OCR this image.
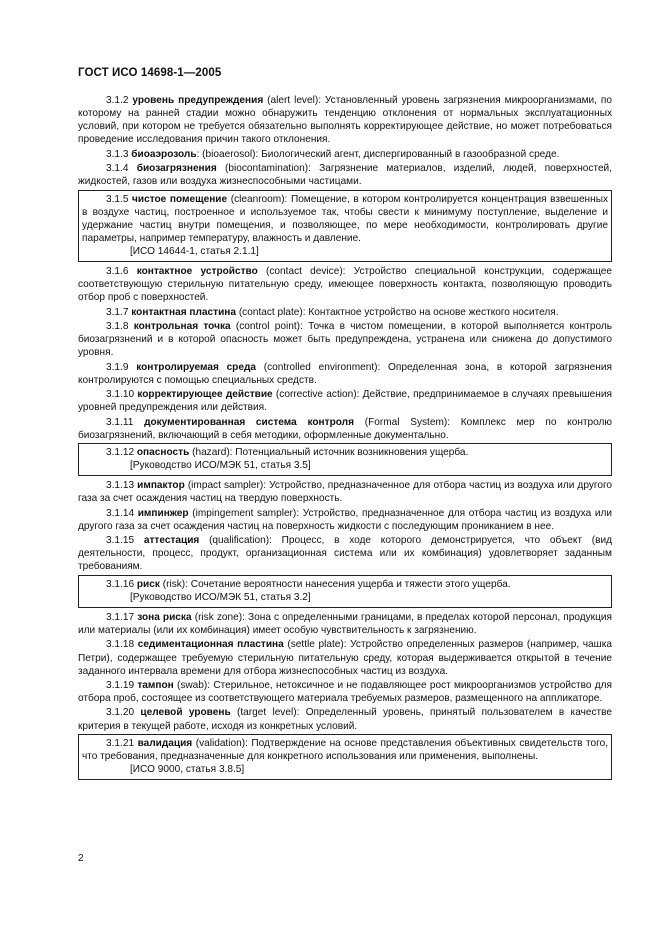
ГОСТ ИСО 14698-1—2005

3.1.2 уровень предупреждения (alert level): Установленный уровень загрязнения микроорганизмами, по которому на ранней стадии можно обнаружить тенденцию отклонения от нормальных эксплуатационных условий, при котором не требуется обязательно выполнять корректирующее действие, но может потребоваться проведение исследования причин такого отклонения.

3.1.3 биоаэрозоль: (bioaerosol): Биологический агент, диспергированный в газообразной среде.

3.1.4 биозагрязнения (biocontamination): Загрязнение материалов, изделий, людей, поверхностей, жидкостей, газов или воздуха жизнеспособными частицами.

3.1.5 чистое помещение (cleanroom): Помещение, в котором контролируется концентрация взвешенных в воздухе частиц, построенное и используемое так, чтобы свести к минимуму поступление, выделение и удержание частиц внутри помещения, и позволяющее, по мере необходимости, контролировать другие параметры, например температуру, влажность и давление.

[ИСО 14644-1, статья 2.1.1]

3.1.6 контактное устройство (contact device): Устройство специальной конструкции, содержащее соответствующую стерильную питательную среду, имеющее поверхность контакта, позволяющую проводить отбор проб с поверхностей.

3.1.7 контактная пластина (contact plate): Контактное устройство на основе жесткого носителя.

3.1.8 контрольная точка (control point): Точка в чистом помещении, в которой выполняется контроль биозагрязнений и в которой опасность может быть предупреждена, устранена или снижена до допустимого уровня.

3.1.9 контролируемая среда (controlled environment): Определенная зона, в которой загрязнения контролируются с помощью специальных средств.

3.1.10 корректирующее действие (corrective action): Действие, предпринимаемое в случаях превышения уровней предупреждения или действия.

3.1.11 документированная система контроля (Formal System): Комплекс мер по контролю биозагрязнений, включающий в себя методики, оформленные документально.

3.1.12 опасность (hazard): Потенциальный источник возникновения ущерба.

[Руководство ИСО/МЭК 51, статья 3.5]

3.1.13 импактор (impact sampler): Устройство, предназначенное для отбора частиц из воздуха или другого газа за счет осаждения частиц на твердую поверхность.

3.1.14 импинжер (impingement sampler): Устройство, предназначенное для отбора частиц из воздуха или другого газа за счет осаждения частиц на поверхность жидкости с последующим прониканием в нее.

3.1.15 аттестация (qualification): Процесс, в ходе которого демонстрируется, что объект (вид деятельности, процесс, продукт, организационная система или их комбинация) удовлетворяет заданным требованиям.

3.1.16 риск (risk): Сочетание вероятности нанесения ущерба и тяжести этого ущерба.

[Руководство ИСО/МЭК 51, статья 3.2]

3.1.17 зона риска (risk zone): Зона с определенными границами, в пределах которой персонал, продукция или материалы (или их комбинация) имеет особую чувствительность к загрязнению.

3.1.18 седиментационная пластина (settle plate): Устройство определенных размеров (например, чашка Петри), содержащее требуемую стерильную питательную среду, которая выдерживается открытой в течение заданного интервала времени для отбора жизнеспособных частиц из воздуха.

3.1.19 тампон (swab): Стерильное, нетоксичное и не подавляющее рост микроорганизмов устройство для отбора проб, состоящее из соответствующего материала требуемых размеров, размещенного на аппликаторе.

3.1.20 целевой уровень (target level): Определенный уровень, принятый пользователем в качестве критерия в текущей работе, исходя из конкретных условий.

3.1.21 валидация (validation): Подтверждение на основе представления объективных свидетельств того, что требования, предназначенные для конкретного использования или применения, выполнены.

[ИСО 9000, статья 3.8.5]

2
